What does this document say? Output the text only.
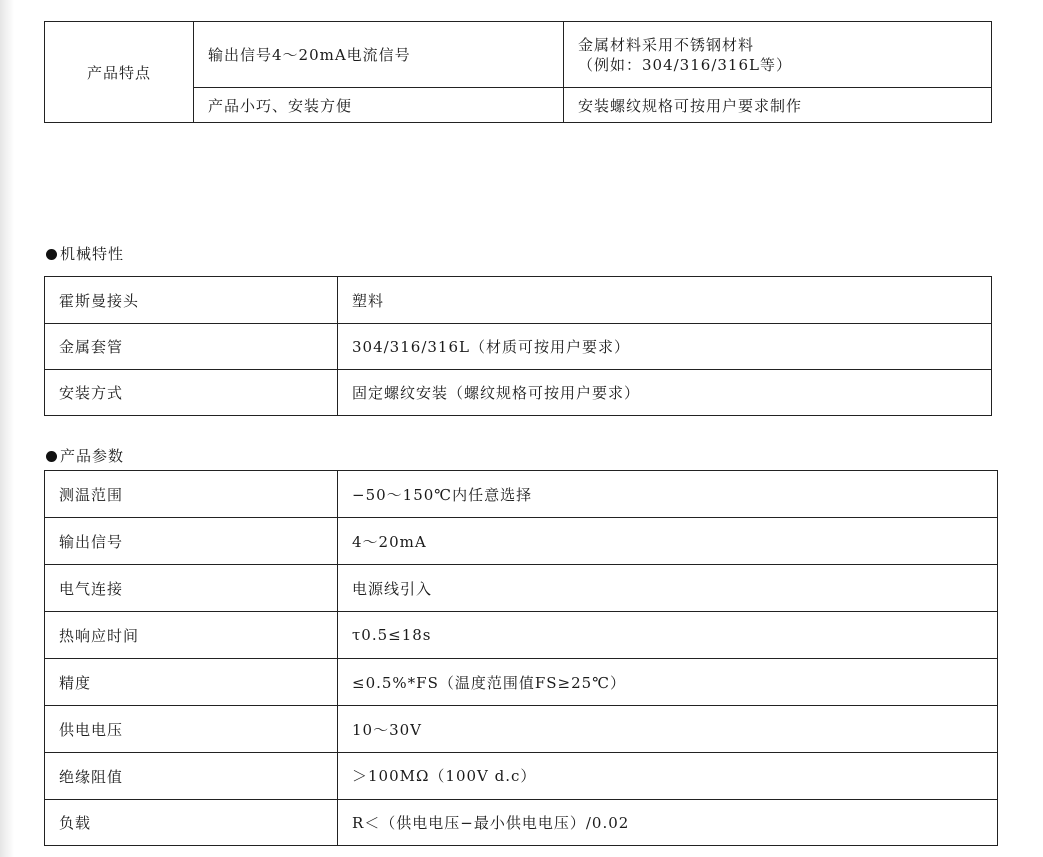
产品特点	输出信号4～20mA电流信号	金属材料采用不锈钢材料
（例如：304/316/316L等）

	产品小巧、安装方便	安装螺纹规格可按用户要求制作
机械特性
霍斯曼接头	塑料
金属套管	304/316/316L（材质可按用户要求）
安装方式	固定螺纹安装（螺纹规格可按用户要求）
产品参数
测温范围	−50～150℃内任意选择
输出信号	4～20mA
电气连接	电源线引入
热响应时间	τ0.5≤18s
精度	≤0.5%*FS（温度范围值FS≥25℃）
供电电压	10～30V
绝缘阻值	＞100MΩ（100V d.c）
负载	R＜（供电电压−最小供电电压）/0.02
